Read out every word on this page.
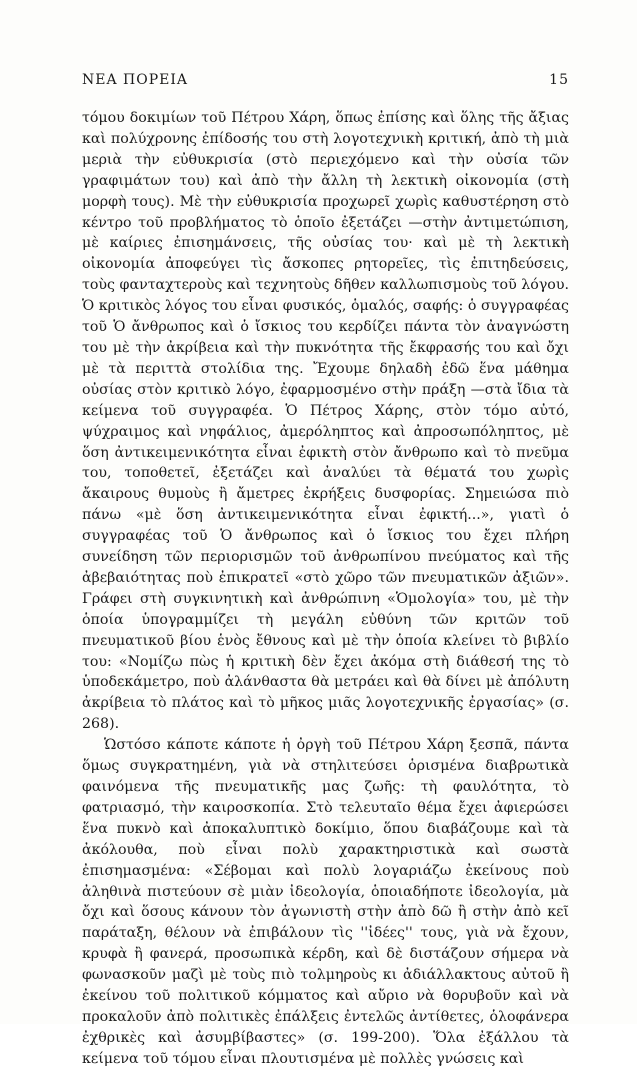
ΝΕΑ ΠΟΡΕΙΑ	15

τόμου δοκιμίων τοῦ Πέτρου Χάρη, ὅπως ἐπίσης καὶ ὅλης τῆς ἄξιας καὶ πολύχρονης ἐπίδοσής του στὴ λογοτεχνικὴ κριτική, ἀπὸ τὴ μιὰ μεριὰ τὴν εὐθυκρισία (στὸ περιεχόμενο καὶ τὴν οὐσία τῶν γραφιμάτων του) καὶ ἀπὸ τὴν ἄλλη τὴ λεκτικὴ οἰκονομία (στὴ μορφὴ τους). Μὲ τὴν εὐθυκρισία προχωρεῖ χωρὶς καθυστέρηση στὸ κέντρο τοῦ προβλήματος τὸ ὁποῖο ἐξετάζει —στὴν ἀντιμετώπιση, μὲ καίριες ἐπισημάνσεις, τῆς οὐσίας του· καὶ μὲ τὴ λεκτικὴ οἰκονομία ἀποφεύγει τὶς ἄσκοπες ρητορεῖες, τὶς ἐπιτηδεύσεις, τοὺς φανταχτεροὺς καὶ τεχνητοὺς δῆθεν καλλωπισμοὺς τοῦ λόγου. Ὁ κριτικὸς λόγος του εἶναι φυσικός, ὁμαλός, σαφής: ὁ συγγραφέας τοῦ Ὁ ἄνθρωπος καὶ ὁ ἴσκιος του κερδίζει πάντα τὸν ἀναγνώστη του μὲ τὴν ἀκρίβεια καὶ τὴν πυκνότητα τῆς ἔκφρασής του καὶ ὄχι μὲ τὰ περιττὰ στολίδια της. Ἔχουμε δηλαδὴ ἐδῶ ἕνα μάθημα οὐσίας στὸν κριτικὸ λόγο, ἐφαρμοσμένο στὴν πράξη —στὰ ἴδια τὰ κείμενα τοῦ συγγραφέα. Ὁ Πέτρος Χάρης, στὸν τόμο αὐτό, ψύχραιμος καὶ νηφάλιος, ἀμερόληπτος καὶ ἀπροσωπόληπτος, μὲ ὅση ἀντικειμενικότητα εἶναι ἐφικτὴ στὸν ἄνθρωπο καὶ τὸ πνεῦμα του, τοποθετεῖ, ἐξετάζει καὶ ἀναλύει τὰ θέματά του χωρὶς ἄκαιρους θυμοὺς ἢ ἄμετρες ἐκρήξεις δυσφορίας. Σημειώσα πιὸ πάνω «μὲ ὅση ἀντικειμενικότητα εἶναι ἐφικτή...», γιατὶ ὁ συγγραφέας τοῦ Ὁ ἄνθρωπος καὶ ὁ ἴσκιος του ἔχει πλήρη συνείδηση τῶν περιορισμῶν τοῦ ἀνθρωπίνου πνεύματος καὶ τῆς ἀβεβαιότητας ποὺ ἐπικρατεῖ «στὸ χῶρο τῶν πνευματικῶν ἀξιῶν». Γράφει στὴ συγκινητικὴ καὶ ἀνθρώπινη «Ὁμολογία» του, μὲ τὴν ὁποία ὑπογραμμίζει τὴ μεγάλη εὐθύνη τῶν κριτῶν τοῦ πνευματικοῦ βίου ἑνὸς ἔθνους καὶ μὲ τὴν ὁποία κλείνει τὸ βιβλίο του: «Νομίζω πὼς ἡ κριτικὴ δὲν ἔχει ἀκόμα στὴ διάθεσή της τὸ ὑποδεκάμετρο, ποὺ ἀλάνθαστα θὰ μετράει καὶ θὰ δίνει μὲ ἀπόλυτη ἀκρίβεια τὸ πλάτος καὶ τὸ μῆκος μιᾶς λογοτεχνικῆς ἐργασίας» (σ. 268).

Ὡστόσο κάποτε κάποτε ἡ ὀργὴ τοῦ Πέτρου Χάρη ξεσπᾶ, πάντα ὅμως συγκρατημένη, γιὰ νὰ στηλιτεύσει ὁρισμένα διαβρωτικὰ φαινόμενα τῆς πνευματικῆς μας ζωῆς: τὴ φαυλότητα, τὸ φατριασμό, τὴν καιροσκοπία. Στὸ τελευταῖο θέμα ἔχει ἀφιερώσει ἕνα πυκνὸ καὶ ἀποκαλυπτικὸ δοκίμιο, ὅπου διαβάζουμε καὶ τὰ ἀκόλουθα, ποὺ εἶναι πολὺ χαρακτηριστικὰ καὶ σωστὰ ἐπισημασμένα: «Σέβομαι καὶ πολὺ λογαριάζω ἐκείνους ποὺ ἀληθινὰ πιστεύουν σὲ μιὰν ἰδεολογία, ὁποιαδήποτε ἰδεολογία, μὰ ὄχι καὶ ὅσους κάνουν τὸν ἀγωνιστὴ στὴν ἀπὸ δῶ ἢ στὴν ἀπὸ κεῖ παράταξη, θέλουν νὰ ἐπιβάλουν τὶς ''ἰδέες'' τους, γιὰ νὰ ἔχουν, κρυφὰ ἢ φανερά, προσωπικὰ κέρδη, καὶ δὲ διστάζουν σήμερα νὰ φωνασκοῦν μαζὶ μὲ τοὺς πιὸ τολμηροὺς κι ἀδιάλλακτους αὐτοῦ ἢ ἐκείνου τοῦ πολιτικοῦ κόμματος καὶ αὔριο νὰ θορυβοῦν καὶ νὰ προκαλοῦν ἀπὸ πολιτικὲς ἐπάλξεις ἐντελῶς ἀντίθετες, ὁλοφάνερα ἐχθρικὲς καὶ ἀσυμβίβαστες» (σ. 199-200). Ὅλα ἐξάλλου τὰ κείμενα τοῦ τόμου εἶναι πλουτισμένα μὲ πολλὲς γνώσεις καὶ
